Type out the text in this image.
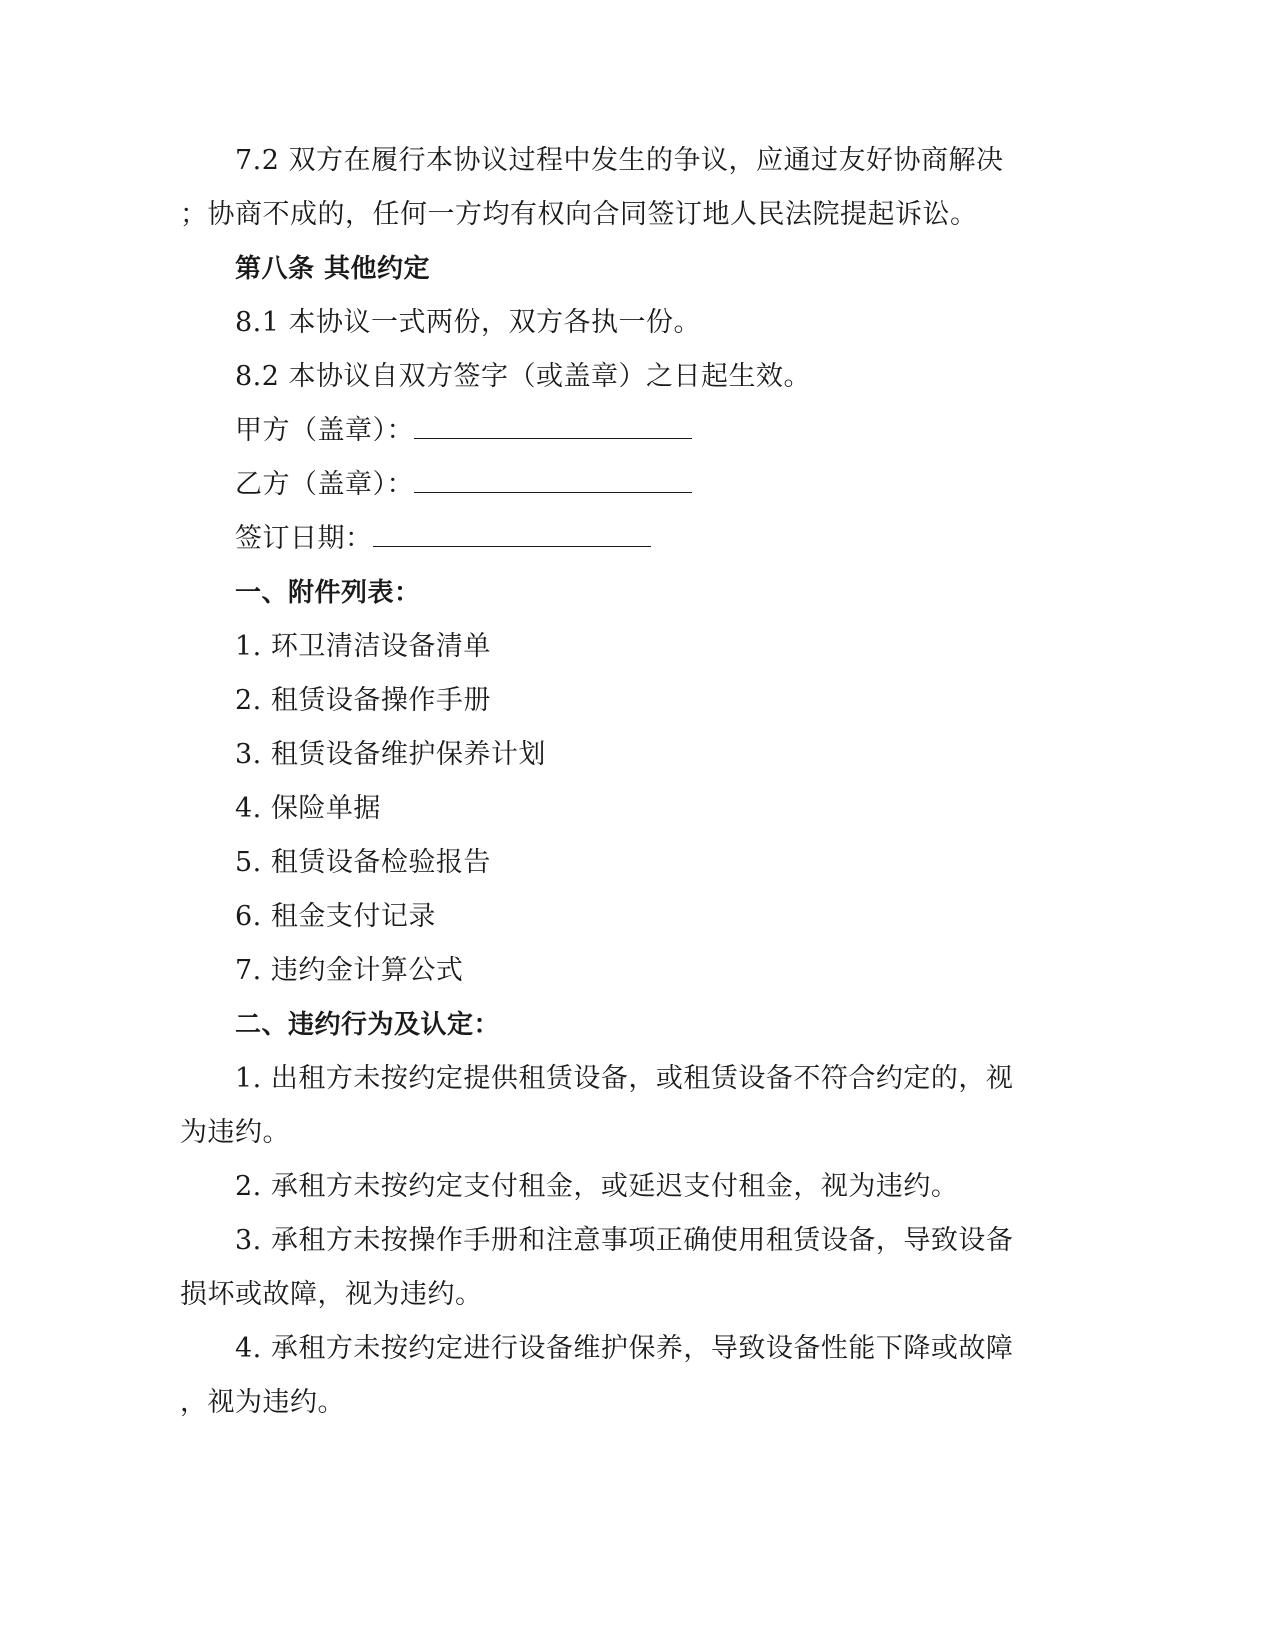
7.2 双方在履行本协议过程中发生的争议，应通过友好协商解决
；协商不成的，任何一方均有权向合同签订地人民法院提起诉讼。
第八条 其他约定
8.1 本协议一式两份，双方各执一份。
8.2 本协议自双方签字（或盖章）之日起生效。
甲方（盖章）：
乙方（盖章）：
签订日期：
一、附件列表：
1. 环卫清洁设备清单
2. 租赁设备操作手册
3. 租赁设备维护保养计划
4. 保险单据
5. 租赁设备检验报告
6. 租金支付记录
7. 违约金计算公式
二、违约行为及认定：
1. 出租方未按约定提供租赁设备，或租赁设备不符合约定的，视
为违约。
2. 承租方未按约定支付租金，或延迟支付租金，视为违约。
3. 承租方未按操作手册和注意事项正确使用租赁设备，导致设备
损坏或故障，视为违约。
4. 承租方未按约定进行设备维护保养，导致设备性能下降或故障
，视为违约。
